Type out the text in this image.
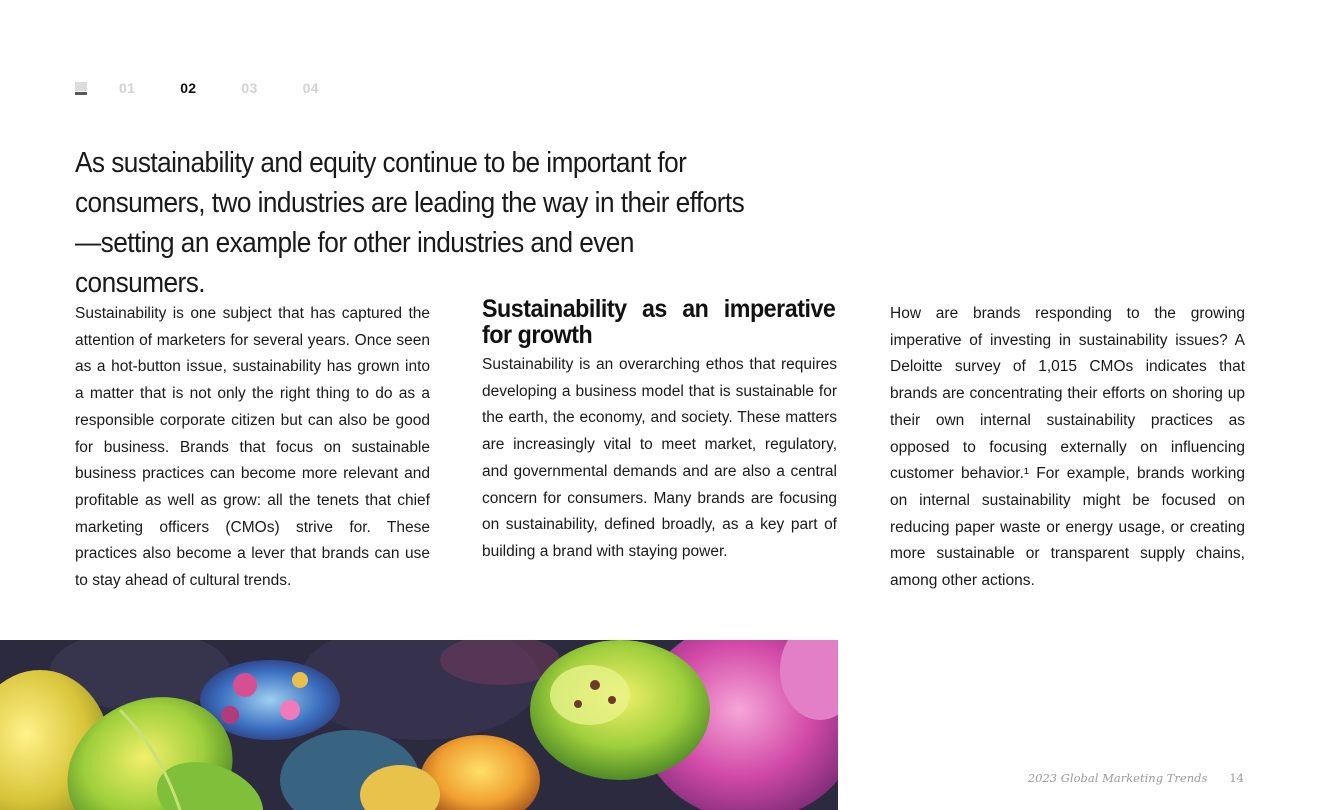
01	02	03	04
As sustainability and equity continue to be important for consumers, two industries are leading the way in their efforts—setting an example for other industries and even consumers.

Sustainability is one subject that has captured the attention of marketers for several years. Once seen as a hot-button issue, sustainability has grown into a matter that is not only the right thing to do as a responsible corporate citizen but can also be good for business. Brands that focus on sustainable business practices can become more relevant and profitable as well as grow: all the tenets that chief marketing officers (CMOs) strive for. These practices also become a lever that brands can use to stay ahead of cultural trends.

Sustainability as an imperative for growth

Sustainability is an overarching ethos that requires developing a business model that is sustainable for the earth, the economy, and society. These matters are increasingly vital to meet market, regulatory, and governmental demands and are also a central concern for consumers. Many brands are focusing on sustainability, defined broadly, as a key part of building a brand with staying power.

How are brands responding to the growing imperative of investing in sustainability issues? A Deloitte survey of 1,015 CMOs indicates that brands are concentrating their efforts on shoring up their own internal sustainability practices as opposed to focusing externally on influencing customer behavior.¹ For example, brands working on internal sustainability might be focused on reducing paper waste or energy usage, or creating more sustainable or transparent supply chains, among other actions.

2023 Global Marketing Trends 14
